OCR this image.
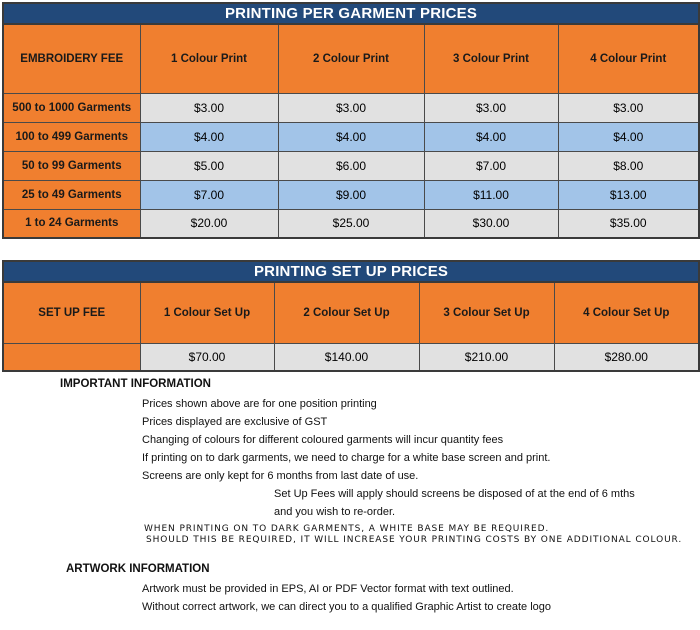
PRINTING PER GARMENT PRICES				
EMBROIDERY FEE	1 Colour Print	2 Colour Print	3 Colour Print	4 Colour Print
500 to 1000 Garments	$3.00	$3.00	$3.00	$3.00
100 to 499 Garments	$4.00	$4.00	$4.00	$4.00
50 to 99 Garments	$5.00	$6.00	$7.00	$8.00
25 to 49 Garments	$7.00	$9.00	$11.00	$13.00
1 to 24 Garments	$20.00	$25.00	$30.00	$35.00
PRINTING SET UP PRICES				
SET UP FEE	1 Colour Set Up	2 Colour Set Up	3 Colour Set Up	4 Colour Set Up
	$70.00	$140.00	$210.00	$280.00
IMPORTANT INFORMATION
Prices shown above are for one position printing
Prices displayed are exclusive of GST
Changing of colours for different coloured garments will incur quantity fees
If printing on to dark garments, we need to charge for a white base screen and print.
Screens are only kept for 6 months from last date of use.
Set Up Fees will apply should screens be disposed of at the end of 6 mths
and you wish to re-order.
WHEN PRINTING ON TO DARK GARMENTS, A WHITE BASE MAY BE REQUIRED.
SHOULD THIS BE REQUIRED, IT WILL INCREASE YOUR PRINTING COSTS BY ONE ADDITIONAL COLOUR.
ARTWORK INFORMATION
Artwork must be provided in EPS, AI or PDF Vector format with text outlined.
Without correct artwork, we can direct you to a qualified Graphic Artist to create logo
